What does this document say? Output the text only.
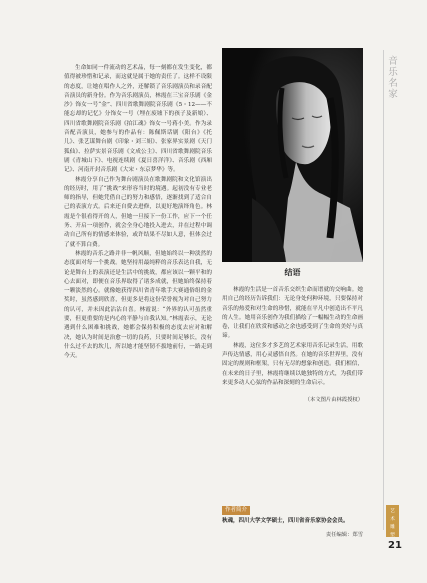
生命如同一件流动的艺术品，每一刻都在发生变化，都值得被珍惜和记录，而这就是属于她的责任了。这样不设限的态度，让她在唱作人之外，还解锁了音乐剧演员和录音配音演员的新身份。作为音乐剧演员，林霞在三宝音乐剧《金沙》饰女一号“金”、四川省歌舞剧院音乐剧《5・12——不能忘却的记忆》分饰女一号（埋在废墟下的孩子及新娘）、四川省歌舞剧院音乐剧《拍江魂》饰女一号蒋小美。作为录音配音演员，她参与的作品有：陈佩斯话剧《阳台》《托儿》、张艺谋舞台剧《印象・刘三姐》、张家界实景剧《天门狐仙》、拉萨实景音乐剧《文成公主》、四川省歌舞剧院音乐剧《青城山下》、电视连续剧《夏日喜洋洋》、音乐剧《西厢记》、河南开封音乐剧《大宋・东京梦华》等。

林霞分享自己作为舞台剧演员在歌舞剧院和文化馆演出的经历时，用了“挑战”来形容当时的境遇。起初没有专业老师的指导，但她凭借自己的努力和感悟，逐渐找到了适合自己的表演方式。后来还自费去进修，以更好地演绎角色。林霞是个很看得开的人，但她一旦接下一份工作，应下一个任务、开启一项创作，就会全身心地投入进去，并在过程中调动自己所有的情感来体验，或许结果不尽如人意，但体会过了就不算白费。

林霞的音乐之路并非一帆风顺，但她始终以一种淡然的态度面对每一个挑战。她坚持用最纯粹的音乐表达自我，无论是舞台上的表演还是生活中的挑战，都应该以一颗平和的心去面对，即便在音乐界取得了诸多成就，但她始终保持着一颗淡然的心。就像她获得四川省青年歌手大赛通俗组的金奖时，虽然感到欣喜，但更多是将这份荣誉视为对自己努力的认可，并未因此沾沾自喜。林霞说：“外界的认可虽然重要，但更重要的是内心的平静与自我认知。”林霞表示，无论遇到什么困难和挑战，她都会保持积极的态度去应对和解决，她认为时间是治愈一切的良药，只要时间足够长，没有什么过不去的坎儿，所以她才能坚韧不拔地前行，一路走到今天。

结语

林霞的生活是一首音乐交织生命而谱就的交响曲。她用自己的经历告诉我们：无论身处何种环境，只要保持对音乐的热爱和对生命的珍惜，就能在平凡中创造出不平凡的人生。她用音乐创作为我们描绘了一幅幅生动的生命画卷，让我们在欣赏和感动之余也感受到了生命的美好与真谛。

林霞，这位多才多艺的艺术家用音乐记录生活，用歌声传达情感，用心灵感悟自然。在她的音乐世界里，没有固定的规则和框架，只有无尽的想象和创造。我们相信，在未来的日子里，林霞将继续以她独特的方式，为我们带来更多动人心弦的作品和深刻的生命启示。

（本文图片由林霞授权）

作者简介
秋魂，四川大学文学硕士，四川省音乐家协会会员。
责任编辑：郑雪
音
乐
名
家
艺
术
雕
塑
21
